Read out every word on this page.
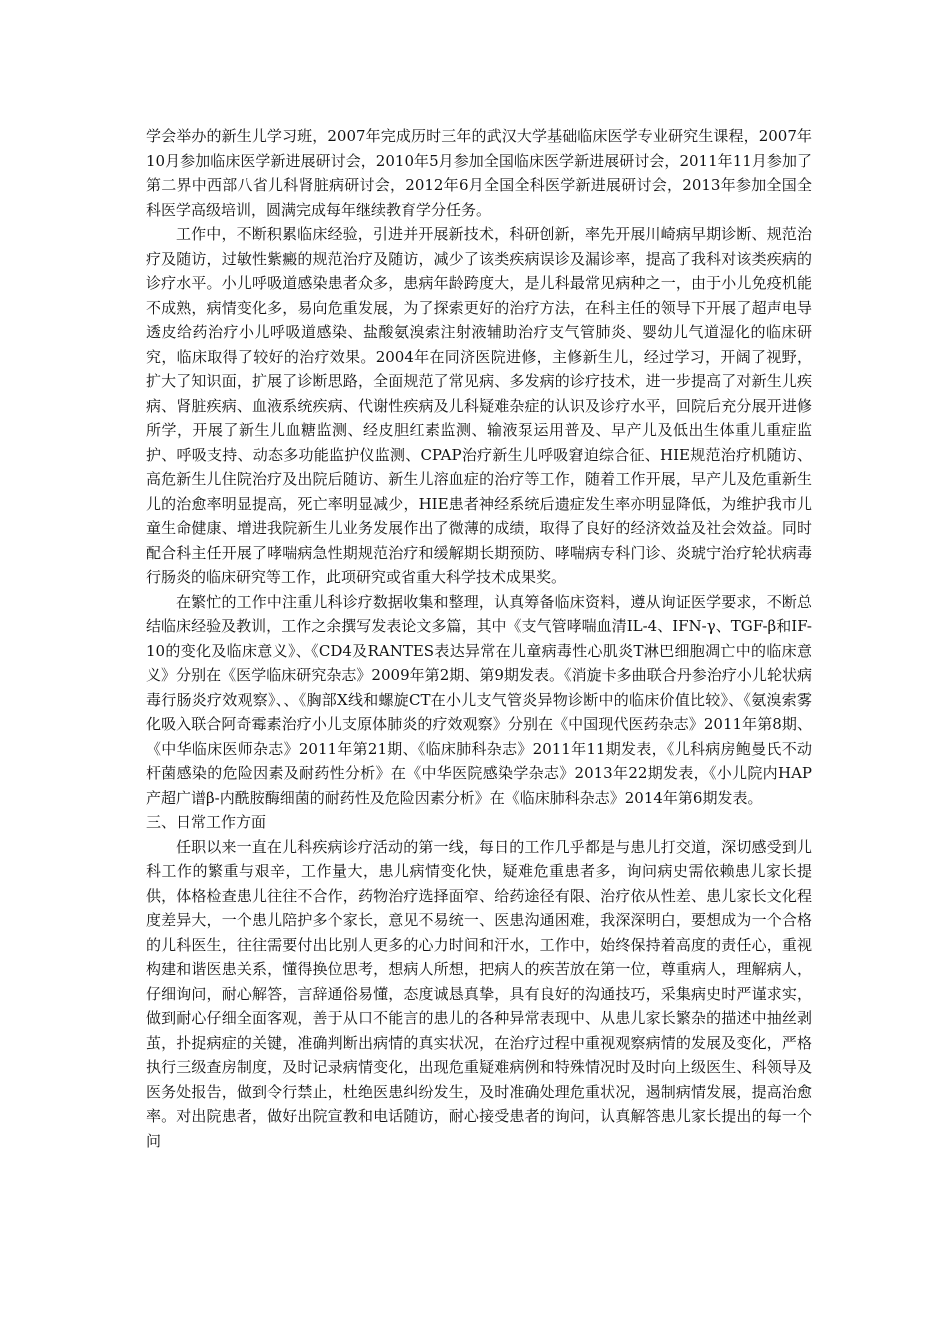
学会举办的新生儿学习班，2007年完成历时三年的武汉大学基础临床医学专业研究生课程，2007年10月参加临床医学新进展研讨会，2010年5月参加全国临床医学新进展研讨会，2011年11月参加了第二界中西部八省儿科肾脏病研讨会，2012年6月全国全科医学新进展研讨会，2013年参加全国全科医学高级培训，圆满完成每年继续教育学分任务。

工作中，不断积累临床经验，引进并开展新技术，科研创新，率先开展川崎病早期诊断、规范治疗及随访，过敏性紫癜的规范治疗及随访，减少了该类疾病误诊及漏诊率，提高了我科对该类疾病的诊疗水平。小儿呼吸道感染患者众多，患病年龄跨度大，是儿科最常见病种之一，由于小儿免疫机能不成熟，病情变化多，易向危重发展，为了探索更好的治疗方法，在科主任的领导下开展了超声电导透皮给药治疗小儿呼吸道感染、盐酸氨溴索注射液辅助治疗支气管肺炎、婴幼儿气道湿化的临床研究，临床取得了较好的治疗效果。2004年在同济医院进修，主修新生儿，经过学习，开阔了视野，扩大了知识面，扩展了诊断思路，全面规范了常见病、多发病的诊疗技术，进一步提高了对新生儿疾病、肾脏疾病、血液系统疾病、代谢性疾病及儿科疑难杂症的认识及诊疗水平，回院后充分展开进修所学，开展了新生儿血糖监测、经皮胆红素监测、输液泵运用普及、早产儿及低出生体重儿重症监护、呼吸支持、动态多功能监护仪监测、CPAP治疗新生儿呼吸窘迫综合征、HIE规范治疗机随访、高危新生儿住院治疗及出院后随访、新生儿溶血症的治疗等工作，随着工作开展，早产儿及危重新生儿的治愈率明显提高，死亡率明显减少，HIE患者神经系统后遗症发生率亦明显降低，为维护我市儿童生命健康、增进我院新生儿业务发展作出了微薄的成绩，取得了良好的经济效益及社会效益。同时配合科主任开展了哮喘病急性期规范治疗和缓解期长期预防、哮喘病专科门诊、炎琥宁治疗轮状病毒行肠炎的临床研究等工作，此项研究或省重大科学技术成果奖。

在繁忙的工作中注重儿科诊疗数据收集和整理，认真筹备临床资料，遵从询证医学要求，不断总结临床经验及教训，工作之余撰写发表论文多篇，其中《支气管哮喘血清IL-4、IFN-γ、TGF-β和IF-10的变化及临床意义》、《CD4及RANTES表达异常在儿童病毒性心肌炎T淋巴细胞凋亡中的临床意义》分别在《医学临床研究杂志》2009年第2期、第9期发表。《消旋卡多曲联合丹参治疗小儿轮状病毒行肠炎疗效观察》、、《胸部X线和螺旋CT在小儿支气管炎异物诊断中的临床价值比较》、《氨溴索雾化吸入联合阿奇霉素治疗小儿支原体肺炎的疗效观察》分别在《中国现代医药杂志》2011年第8期、《中华临床医师杂志》2011年第21期、《临床肺科杂志》2011年11期发表，《儿科病房鲍曼氏不动杆菌感染的危险因素及耐药性分析》在《中华医院感染学杂志》2013年22期发表，《小儿院内HAP产超广谱β-内酰胺酶细菌的耐药性及危险因素分析》在《临床肺科杂志》2014年第6期发表。

三、日常工作方面

任职以来一直在儿科疾病诊疗活动的第一线，每日的工作几乎都是与患儿打交道，深切感受到儿科工作的繁重与艰辛，工作量大，患儿病情变化快，疑难危重患者多，询问病史需依赖患儿家长提供，体格检查患儿往往不合作，药物治疗选择面窄、给药途径有限、治疗依从性差、患儿家长文化程度差异大，一个患儿陪护多个家长，意见不易统一、医患沟通困难，我深深明白，要想成为一个合格的儿科医生，往往需要付出比别人更多的心力时间和汗水，工作中，始终保持着高度的责任心，重视构建和谐医患关系，懂得换位思考，想病人所想，把病人的疾苦放在第一位，尊重病人，理解病人，仔细询问，耐心解答，言辞通俗易懂，态度诚恳真挚，具有良好的沟通技巧，采集病史时严谨求实，做到耐心仔细全面客观，善于从口不能言的患儿的各种异常表现中、从患儿家长繁杂的描述中抽丝剥茧，扑捉病症的关键，准确判断出病情的真实状况，在治疗过程中重视观察病情的发展及变化，严格执行三级查房制度，及时记录病情变化，出现危重疑难病例和特殊情况时及时向上级医生、科领导及医务处报告，做到令行禁止，杜绝医患纠纷发生，及时准确处理危重状况，遏制病情发展，提高治愈率。对出院患者，做好出院宣教和电话随访，耐心接受患者的询问，认真解答患儿家长提出的每一个问
